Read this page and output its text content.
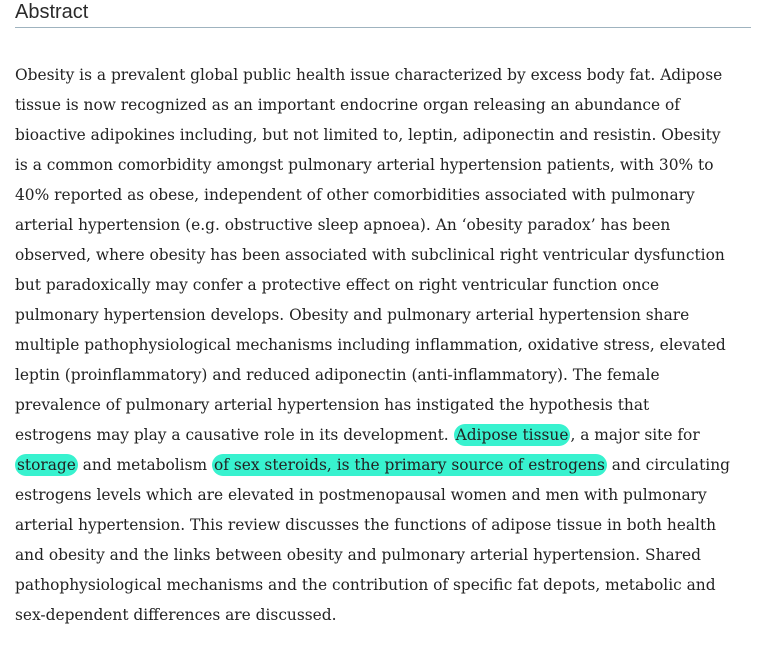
Abstract
Obesity is a prevalent global public health issue characterized by excess body fat. Adipose
tissue is now recognized as an important endocrine organ releasing an abundance of
bioactive adipokines including, but not limited to, leptin, adiponectin and resistin. Obesity
is a common comorbidity amongst pulmonary arterial hypertension patients, with 30% to
40% reported as obese, independent of other comorbidities associated with pulmonary
arterial hypertension (e.g. obstructive sleep apnoea). An ‘obesity paradox’ has been
observed, where obesity has been associated with subclinical right ventricular dysfunction
but paradoxically may confer a protective effect on right ventricular function once
pulmonary hypertension develops. Obesity and pulmonary arterial hypertension share
multiple pathophysiological mechanisms including inflammation, oxidative stress, elevated
leptin (proinflammatory) and reduced adiponectin (anti-inflammatory). The female
prevalence of pulmonary arterial hypertension has instigated the hypothesis that
estrogens may play a causative role in its development. Adipose tissue , a major site for
storage and metabolism of sex steroids, is the primary source of estrogens and circulating
estrogens levels which are elevated in postmenopausal women and men with pulmonary
arterial hypertension. This review discusses the functions of adipose tissue in both health
and obesity and the links between obesity and pulmonary arterial hypertension. Shared
pathophysiological mechanisms and the contribution of specific fat depots, metabolic and
sex-dependent differences are discussed.
